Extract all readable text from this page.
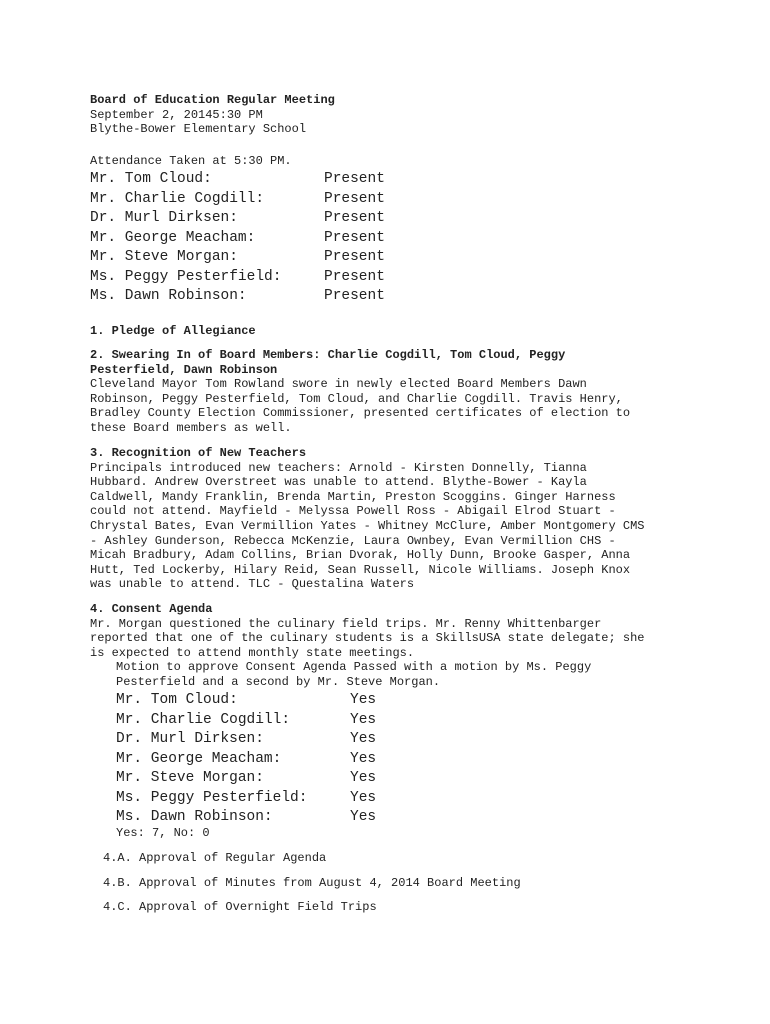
Board of Education Regular Meeting
September 2, 20145:30 PM
Blythe-Bower Elementary School
Attendance Taken at 5:30 PM.
Mr. Tom Cloud:	Present
Mr. Charlie Cogdill:	Present
Dr. Murl Dirksen:	Present
Mr. George Meacham:	Present
Mr. Steve Morgan:	Present
Ms. Peggy Pesterfield:	Present
Ms. Dawn Robinson:	Present
1. Pledge of Allegiance
2. Swearing In of Board Members: Charlie Cogdill, Tom Cloud, Peggy
Pesterfield, Dawn Robinson
Cleveland Mayor Tom Rowland swore in newly elected Board Members Dawn
Robinson, Peggy Pesterfield, Tom Cloud, and Charlie Cogdill. Travis Henry,
Bradley County Election Commissioner, presented certificates of election to
these Board members as well.
3. Recognition of New Teachers
Principals introduced new teachers: Arnold - Kirsten Donnelly, Tianna
Hubbard. Andrew Overstreet was unable to attend. Blythe-Bower - Kayla
Caldwell, Mandy Franklin, Brenda Martin, Preston Scoggins. Ginger Harness
could not attend. Mayfield - Melyssa Powell Ross - Abigail Elrod Stuart -
Chrystal Bates, Evan Vermillion Yates - Whitney McClure, Amber Montgomery CMS
- Ashley Gunderson, Rebecca McKenzie, Laura Ownbey, Evan Vermillion CHS -
Micah Bradbury, Adam Collins, Brian Dvorak, Holly Dunn, Brooke Gasper, Anna
Hutt, Ted Lockerby, Hilary Reid, Sean Russell, Nicole Williams. Joseph Knox
was unable to attend. TLC - Questalina Waters
4. Consent Agenda
Mr. Morgan questioned the culinary field trips. Mr. Renny Whittenbarger
reported that one of the culinary students is a SkillsUSA state delegate; she
is expected to attend monthly state meetings.
Motion to approve Consent Agenda Passed with a motion by Ms. Peggy
Pesterfield and a second by Mr. Steve Morgan.
Mr. Tom Cloud:	Yes
Mr. Charlie Cogdill:	Yes
Dr. Murl Dirksen:	Yes
Mr. George Meacham:	Yes
Mr. Steve Morgan:	Yes
Ms. Peggy Pesterfield:	Yes
Ms. Dawn Robinson:	Yes
Yes: 7, No: 0
4.A. Approval of Regular Agenda
4.B. Approval of Minutes from August 4, 2014 Board Meeting
4.C. Approval of Overnight Field Trips
